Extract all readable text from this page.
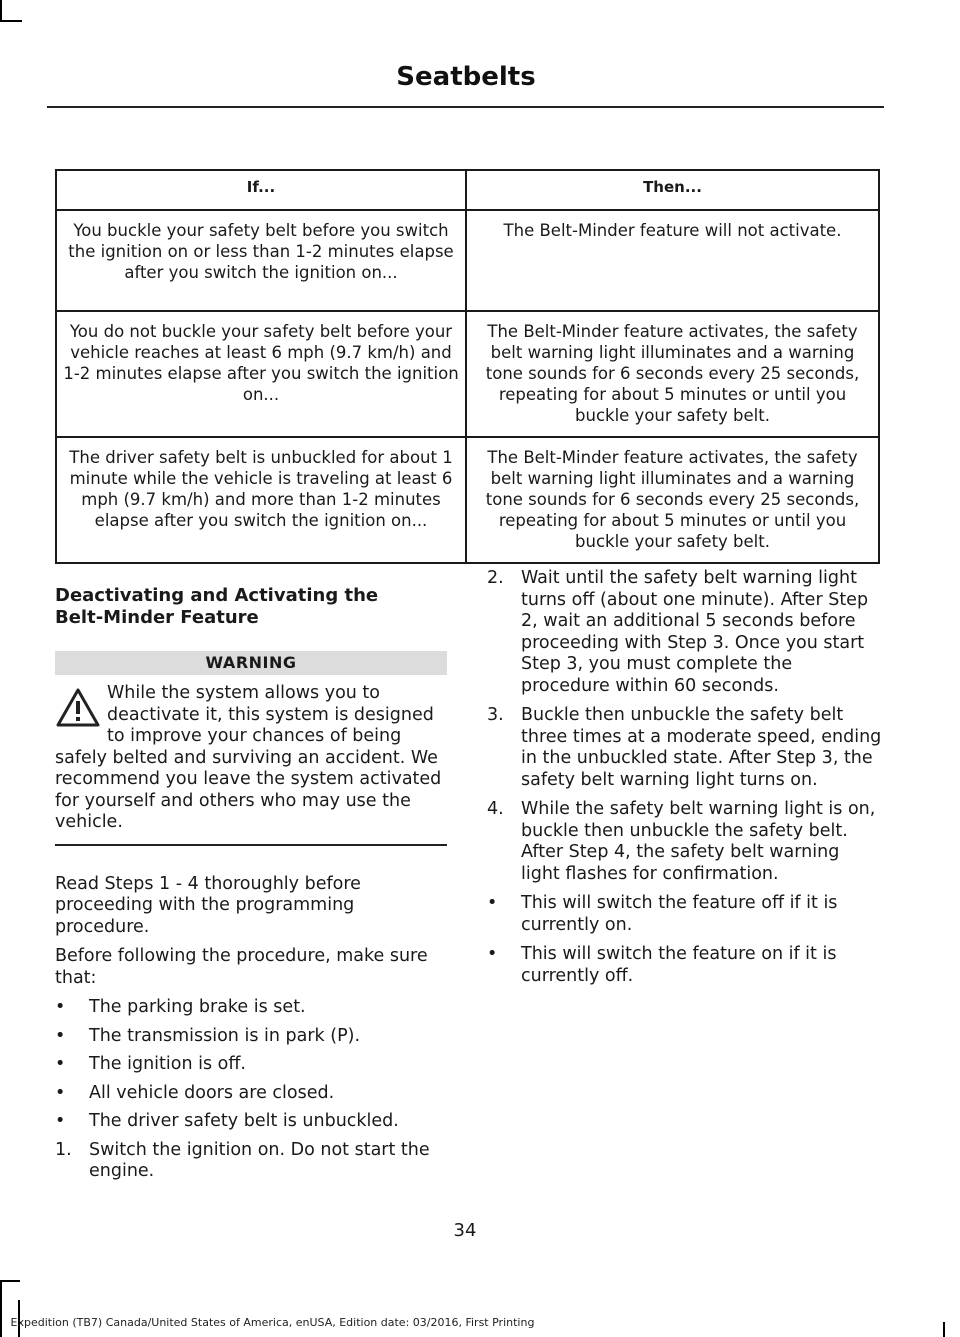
Seatbelts
If...	Then...
You buckle your safety belt before you switch the ignition on or less than 1-2 minutes elapse after you switch the ignition on...	The Belt-Minder feature will not activate.
You do not buckle your safety belt before your vehicle reaches at least 6 mph (9.7 km/h) and 1-2 minutes elapse after you switch the ignition on...	The Belt-Minder feature activates, the safety belt warning light illuminates and a warning tone sounds for 6 seconds every 25 seconds, repeating for about 5 minutes or until you buckle your safety belt.
The driver safety belt is unbuckled for about 1 minute while the vehicle is traveling at least 6 mph (9.7 km/h) and more than 1-2 minutes elapse after you switch the ignition on...	The Belt-Minder feature activates, the safety belt warning light illuminates and a warning tone sounds for 6 seconds every 25 seconds, repeating for about 5 minutes or until you buckle your safety belt.
Deactivating and Activating the
Belt-Minder Feature
WARNING
While the system allows you to deactivate it, this system is designed to improve your chances of being safely belted and surviving an accident. We recommend you leave the system activated for yourself and others who may use the vehicle.

Read Steps 1 - 4 thoroughly before proceeding with the programming procedure.

Before following the procedure, make sure that:

• The parking brake is set.
• The transmission is in park (P).
• The ignition is off.
• All vehicle doors are closed.
• The driver safety belt is unbuckled.
1. Switch the ignition on. Do not start the engine.
2. Wait until the safety belt warning light turns off (about one minute). After Step 2, wait an additional 5 seconds before proceeding with Step 3. Once you start Step 3, you must complete the procedure within 60 seconds.
3. Buckle then unbuckle the safety belt three times at a moderate speed, ending in the unbuckled state. After Step 3, the safety belt warning light turns on.
4. While the safety belt warning light is on, buckle then unbuckle the safety belt. After Step 4, the safety belt warning light flashes for confirmation.
• This will switch the feature off if it is currently on.
• This will switch the feature on if it is currently off.
34
Expedition (TB7) Canada/United States of America, enUSA, Edition date: 03/2016, First Printing
